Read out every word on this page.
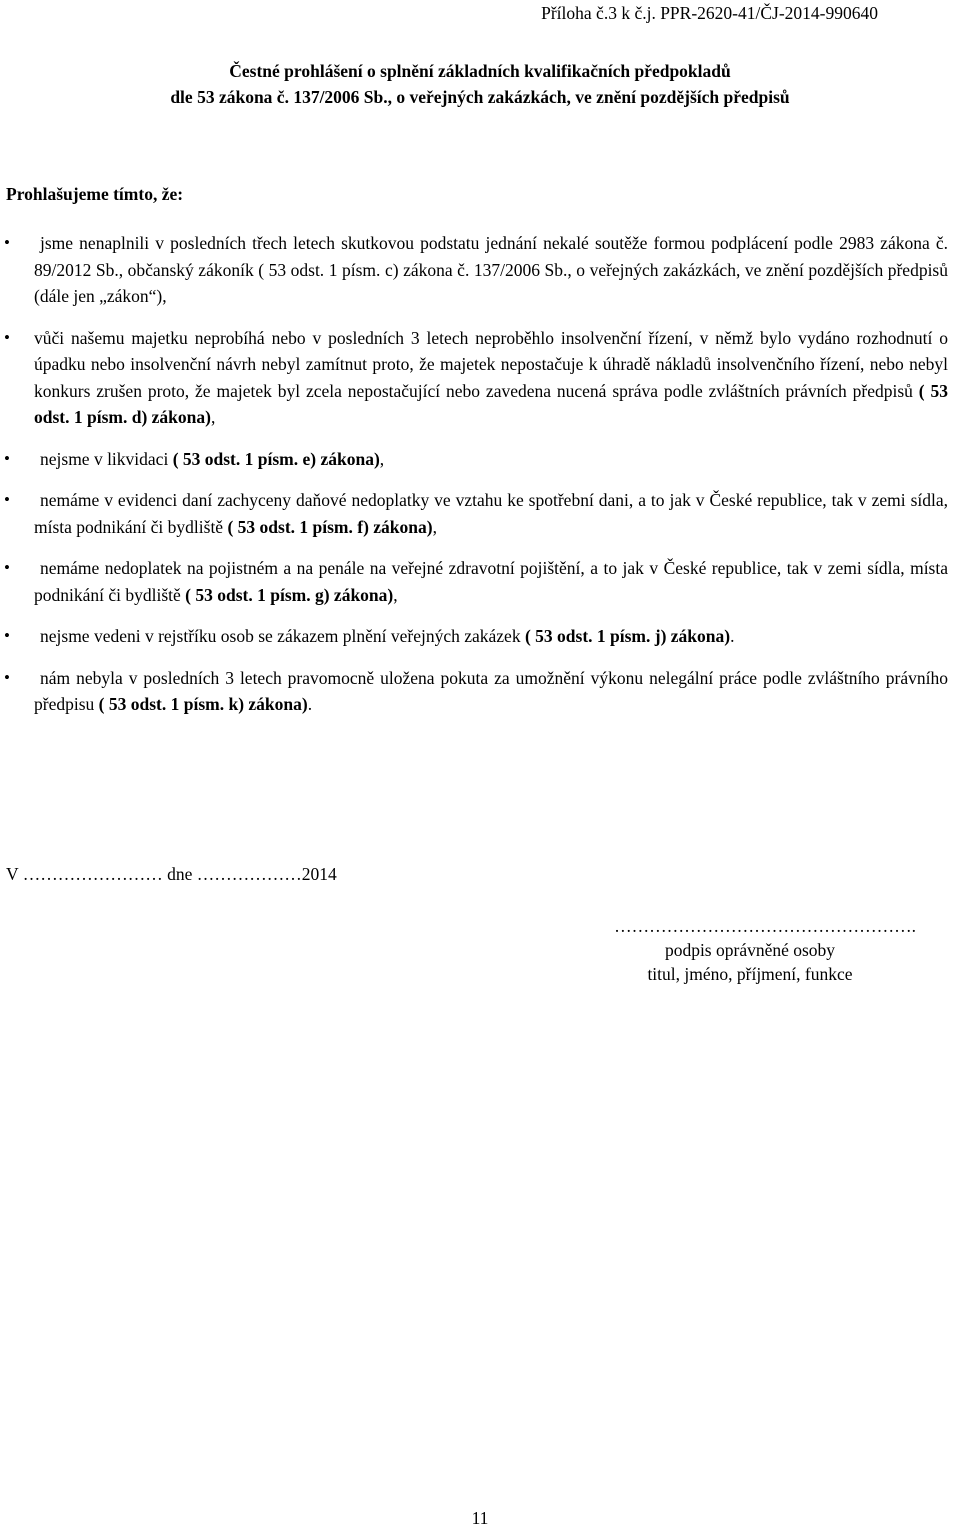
Příloha č.3 k č.j. PPR-2620-41/ČJ-2014-990640
Čestné prohlášení o splnění základních kvalifikačních předpokladů
dle 53 zákona č. 137/2006 Sb., o veřejných zakázkách, ve znění pozdějších předpisů
Prohlašujeme tímto, že:
• jsme nenaplnili v posledních třech letech skutkovou podstatu jednání nekalé soutěže formou podplácení podle 2983 zákona č. 89/2012 Sb., občanský zákoník ( 53 odst. 1 písm. c) zákona č. 137/2006 Sb., o veřejných zakázkách, ve znění pozdějších předpisů (dále jen „zákon“),
• vůči našemu majetku neprobíhá nebo v posledních 3 letech neproběhlo insolvenční řízení, v němž bylo vydáno rozhodnutí o úpadku nebo insolvenční návrh nebyl zamítnut proto, že majetek nepostačuje k úhradě nákladů insolvenčního řízení, nebo nebyl konkurs zrušen proto, že majetek byl zcela nepostačující nebo zavedena nucená správa podle zvláštních právních předpisů ( 53 odst. 1 písm. d) zákona),
• nejsme v likvidaci ( 53 odst. 1 písm. e) zákona),
• nemáme v evidenci daní zachyceny daňové nedoplatky ve vztahu ke spotřební dani, a to jak v České republice, tak v zemi sídla, místa podnikání či bydliště ( 53 odst. 1 písm. f) zákona),
• nemáme nedoplatek na pojistném a na penále na veřejné zdravotní pojištění, a to jak v České republice, tak v zemi sídla, místa podnikání či bydliště ( 53 odst. 1 písm. g) zákona),
• nejsme vedeni v rejstříku osob se zákazem plnění veřejných zakázek ( 53 odst. 1 písm. j) zákona).
• nám nebyla v posledních 3 letech pravomocně uložena pokuta za umožnění výkonu nelegální práce podle zvláštního právního předpisu ( 53 odst. 1 písm. k) zákona).
V …………………… dne ………………2014
…………………………………………….
podpis oprávněné osoby
titul, jméno, příjmení, funkce
11
